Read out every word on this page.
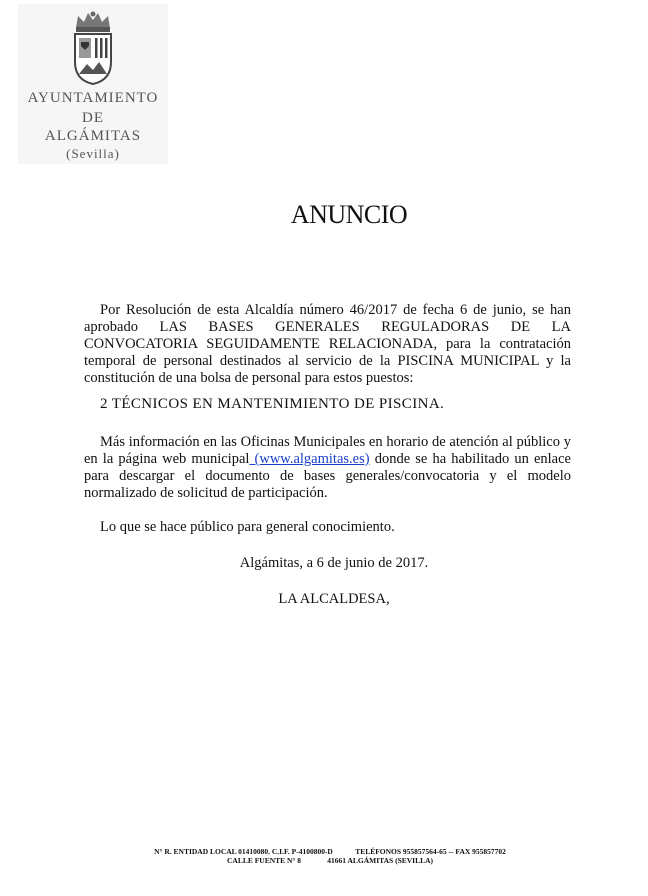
AYUNTAMIENTO
DE
ALGÁMITAS
(Sevilla)
ANUNCIO
Por Resolución de esta Alcaldía número 46/2017 de fecha 6 de junio, se han aprobado LAS BASES GENERALES REGULADORAS DE LA CONVOCATORIA SEGUIDAMENTE RELACIONADA, para la contratación temporal de personal destinados al servicio de la PISCINA MUNICIPAL y la constitución de una bolsa de personal para estos puestos:
2 TÉCNICOS EN MANTENIMIENTO DE PISCINA.
Más información en las Oficinas Municipales en horario de atención al público y en la página web municipal (www.algamitas.es) donde se ha habilitado un enlace para descargar el documento de bases generales/convocatoria y el modelo normalizado de solicitud de participación.
Lo que se hace público para general conocimiento.
Algámitas, a 6 de junio de 2017.
LA ALCALDESA,
N° R. ENTIDAD LOCAL 01410080. C.I.F. P-4100800-D            TELÉFONOS 955857564-65 -- FAX 955857702
CALLE FUENTE N° 8              41661 ALGÁMITAS (SEVILLA)
